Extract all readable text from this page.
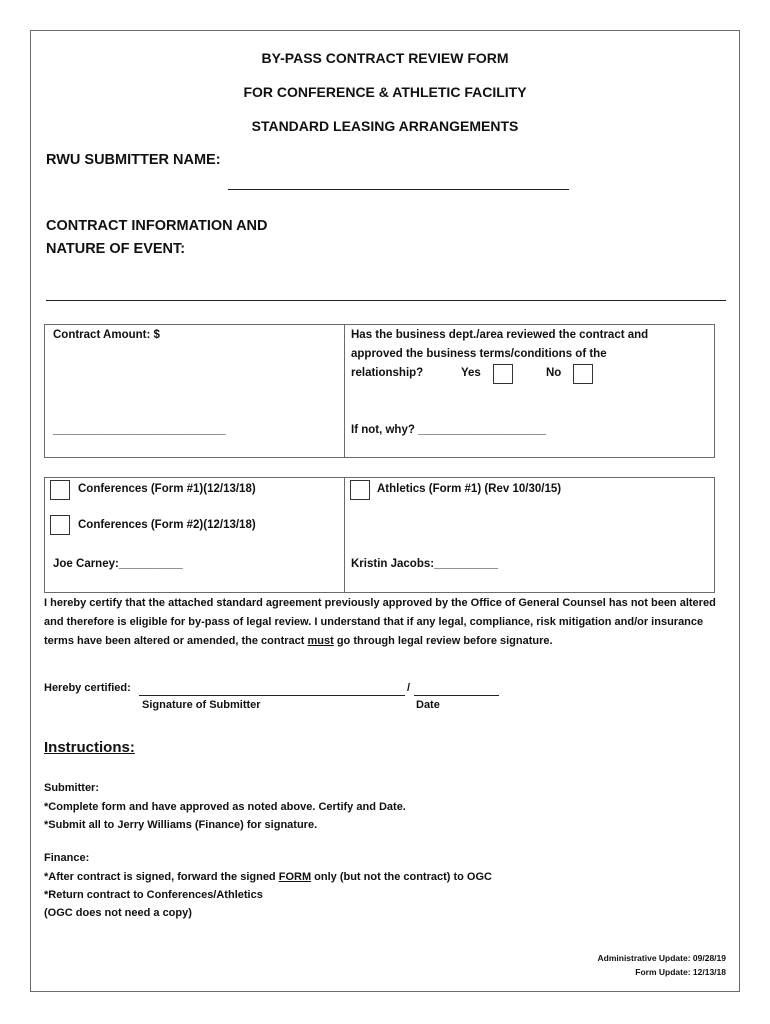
BY-PASS CONTRACT REVIEW FORM
FOR CONFERENCE & ATHLETIC FACILITY
STANDARD LEASING ARRANGEMENTS
RWU SUBMITTER NAME:
CONTRACT INFORMATION AND
NATURE OF EVENT:
Contract Amount: $
___________________________
Has the business dept./area reviewed the contract and
approved the business terms/conditions of the
relationship?	Yes	No
If not, why? ____________________
Conferences (Form #1)(12/13/18)
Conferences (Form #2)(12/13/18)
Joe Carney:__________
Athletics (Form #1) (Rev 10/30/15)
Kristin Jacobs:__________
I hereby certify that the attached standard agreement previously approved by the Office of General Counsel has not been altered and therefore is eligible for by-pass of legal review. I understand that if any legal, compliance, risk mitigation and/or insurance terms have been altered or amended, the contract must go through legal review before signature.
Hereby certified:	/
Signature of Submitter	Date
Instructions:
Submitter:
*Complete form and have approved as noted above. Certify and Date.
*Submit all to Jerry Williams (Finance) for signature.
Finance:
*After contract is signed, forward the signed FORM only (but not the contract) to OGC
*Return contract to Conferences/Athletics
(OGC does not need a copy)
Administrative Update: 09/28/19
Form Update: 12/13/18
